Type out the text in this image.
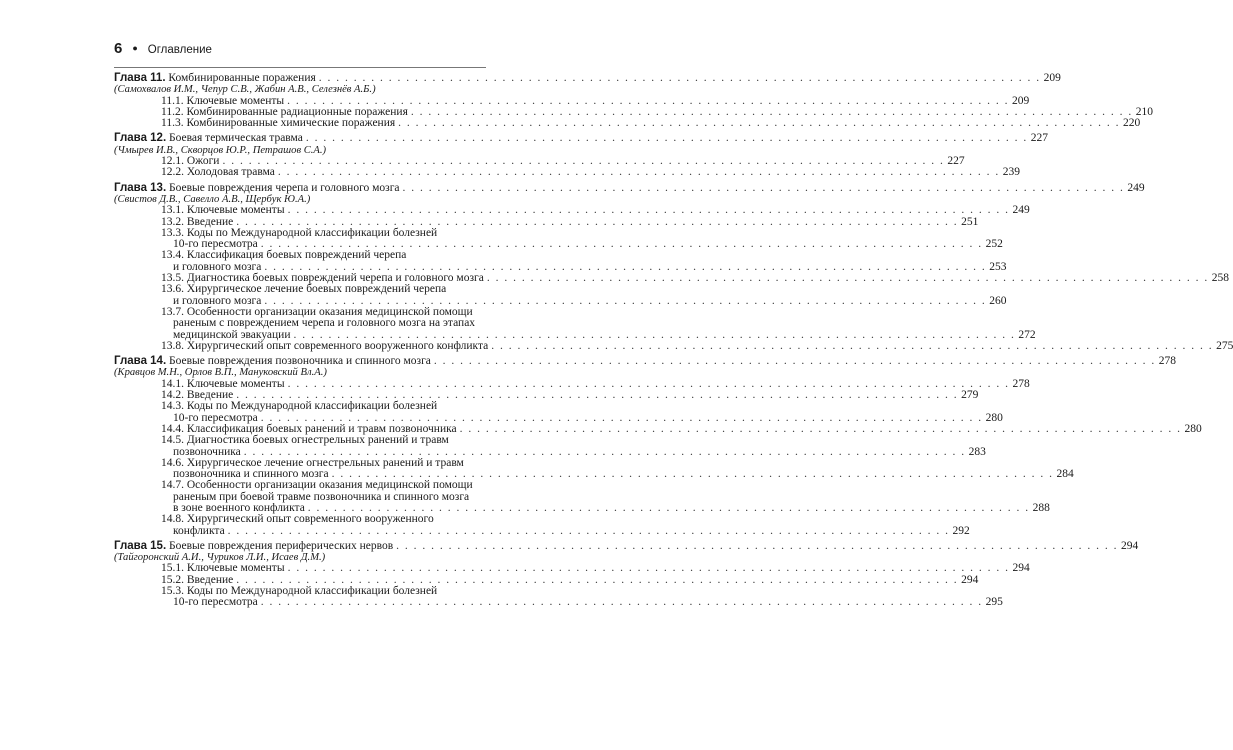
6 ● Оглавление
Глава 11. Комбинированные поражения . . .	209
(Самохвалов И.М., Чепур С.В., Жабин А.В., Селезнёв А.Б.)
11.1. Ключевые моменты . . .	209
11.2. Комбинированные радиационные поражения . . .	210
11.3. Комбинированные химические поражения . . .	220
Глава 12. Боевая термическая травма . . .	227
(Чмырев И.В., Скворцов Ю.Р., Петрашов С.А.)
12.1. Ожоги . . .	227
12.2. Холодовая травма . . .	239
Глава 13. Боевые повреждения черепа и головного мозга . . .	249
(Свистов Д.В., Савелло А.В., Щербук Ю.А.)
13.1. Ключевые моменты . . .	249
13.2. Введение . . .	251
13.3. Коды по Международной классификации болезней
10-го пересмотра . . .	252
13.4. Классификация боевых повреждений черепа
и головного мозга . . .	253
13.5. Диагностика боевых повреждений черепа и головного мозга . . .	258
13.6. Хирургическое лечение боевых повреждений черепа
и головного мозга . . .	260
13.7. Особенности организации оказания медицинской помощи
раненым с повреждением черепа и головного мозга на этапах
медицинской эвакуации . . .	272
13.8. Хирургический опыт современного вооруженного конфликта . . .	275
Глава 14. Боевые повреждения позвоночника и спинного мозга . . .	278
(Кравцов М.Н., Орлов В.П., Мануковский Вл.А.)
14.1. Ключевые моменты . . .	278
14.2. Введение . . .	279
14.3. Коды по Международной классификации болезней
10-го пересмотра . . .	280
14.4. Классификация боевых ранений и травм позвоночника . . .	280
14.5. Диагностика боевых огнестрельных ранений и травм
позвоночника . . .	283
14.6. Хирургическое лечение огнестрельных ранений и травм
позвоночника и спинного мозга . . .	284
14.7. Особенности организации оказания медицинской помощи
раненым при боевой травме позвоночника и спинного мозга
в зоне военного конфликта . . .	288
14.8. Хирургический опыт современного вооруженного
конфликта . . .	292
Глава 15. Боевые повреждения периферических нервов . . .	294
(Тайгоронский А.И., Чуриков Л.И., Исаев Д.М.)
15.1. Ключевые моменты . . .	294
15.2. Введение . . .	294
15.3. Коды по Международной классификации болезней
10-го пересмотра . . .	295
